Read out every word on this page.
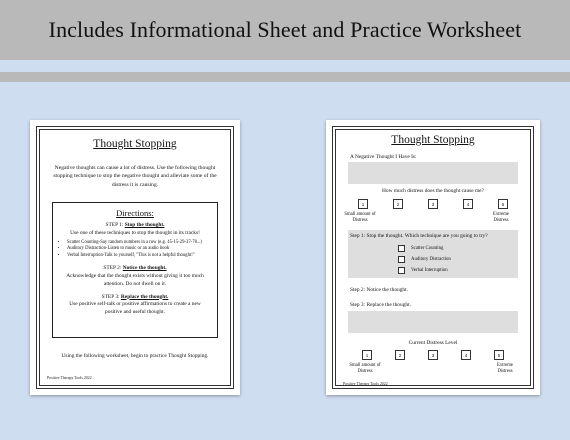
Includes Informational Sheet and Practice Worksheet
Thought Stopping
Negative thoughts can cause a lot of distress. Use the following thought stopping technique to stop the negative thought and alleviate some of the distress it is causing.
Directions:
STEP 1: Stop the thought.
Use one of these techniques to stop the thought in its tracks!
• Scatter Counting-Say random numbers in a row (e.g. 45-15-29-37-78...)
• Auditory Distraction-Listen to music or an audio book
• Verbal Interruption-Talk to yourself, "This is not a helpful thought!"
STEP 2: Notice the thought.
Acknowledge that the thought exists without giving it too much attention. Do not dwell on it.
STEP 3: Replace the thought.
Use positive self-talk or positive affirmations to create a new positive and useful thought.
Using the following worksheet, begin to practice Thought Stopping.
Positive Therapy Tools 2022
Thought Stopping
A Negative Thought I Have Is:
How much distress does the thought cause me?
1	2	3	4	5
Small amount of Distress
Extreme Distress
Step 1: Stop the thought. Which technique are you going to try?
Scatter Counting
Auditory Distraction
Verbal Interruption
Step 2: Notice the thought.
Step 3: Replace the thought.
Current Distress Level
1	2	3	4	5
Small amount of Distress
Extreme Distress
Positive Therapy Tools 2022
